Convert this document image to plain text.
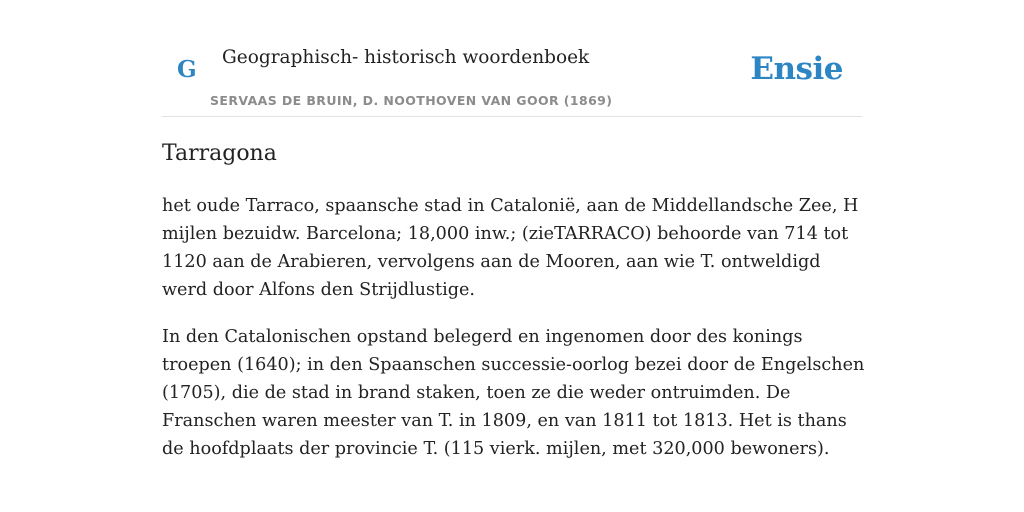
G Geographisch- historisch woordenboek
SERVAAS DE BRUIN, D. NOOTHOVEN VAN GOOR (1869)
Ensie
Tarragona

het oude Tarraco, spaansche stad in Catalonië, aan de Middellandsche Zee, H mijlen bezuidw. Barcelona; 18,000 inw.; (zieTARRACO) behoorde van 714 tot 1120 aan de Arabieren, vervolgens aan de Mooren, aan wie T. ontweldigd werd door Alfons den Strijdlustige.

In den Catalonischen opstand belegerd en ingenomen door des konings troepen (1640); in den Spaanschen successie-oorlog bezei door de Engelschen (1705), die de stad in brand staken, toen ze die weder ontruimden. De Franschen waren meester van T. in 1809, en van 1811 tot 1813. Het is thans de hoofdplaats der provincie T. (115 vierk. mijlen, met 320,000 bewoners).
